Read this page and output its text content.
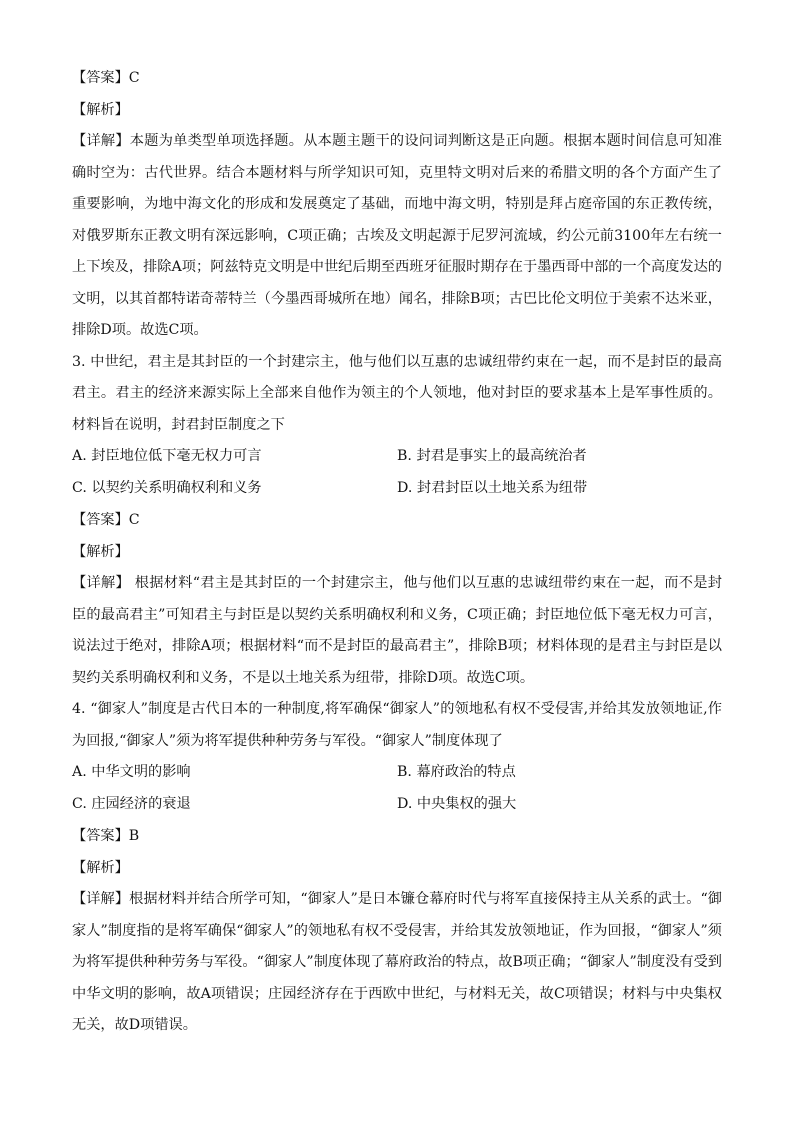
【答案】C
【解析】

【详解】本题为单类型单项选择题。从本题主题干的设问词判断这是正向题。根据本题时间信息可知准确时空为：古代世界。结合本题材料与所学知识可知，克里特文明对后来的希腊文明的各个方面产生了重要影响，为地中海文化的形成和发展奠定了基础，而地中海文明，特别是拜占庭帝国的东正教传统，对俄罗斯东正教文明有深远影响，C项正确；古埃及文明起源于尼罗河流域，约公元前3100年左右统一上下埃及，排除A项；阿兹特克文明是中世纪后期至西班牙征服时期存在于墨西哥中部的一个高度发达的文明，以其首都特诺奇蒂特兰（今墨西哥城所在地）闻名，排除B项；古巴比伦文明位于美索不达米亚，排除D项。故选C项。

3. 中世纪，君主是其封臣的一个封建宗主，他与他们以互惠的忠诚纽带约束在一起，而不是封臣的最高君主。君主的经济来源实际上全部来自他作为领主的个人领地，他对封臣的要求基本上是军事性质的。材料旨在说明，封君封臣制度之下

A. 封臣地位低下毫无权力可言	B. 封君是事实上的最高统治者
C. 以契约关系明确权利和义务	D. 封君封臣以土地关系为纽带
【答案】C
【解析】

【详解】 根据材料“君主是其封臣的一个封建宗主，他与他们以互惠的忠诚纽带约束在一起，而不是封臣的最高君主”可知君主与封臣是以契约关系明确权利和义务，C项正确；封臣地位低下毫无权力可言，说法过于绝对，排除A项；根据材料“而不是封臣的最高君主”，排除B项；材料体现的是君主与封臣是以契约关系明确权利和义务，不是以土地关系为纽带，排除D项。故选C项。

4. “御家人”制度是古代日本的一种制度,将军确保“御家人”的领地私有权不受侵害,并给其发放领地证,作为回报,“御家人”须为将军提供种种劳务与军役。“御家人”制度体现了

A. 中华文明的影响	B. 幕府政治的特点
C. 庄园经济的衰退	D. 中央集权的强大
【答案】B
【解析】

【详解】根据材料并结合所学可知，“御家人”是日本镰仓幕府时代与将军直接保持主从关系的武士。“御家人”制度指的是将军确保“御家人”的领地私有权不受侵害，并给其发放领地证，作为回报，“御家人”须为将军提供种种劳务与军役。“御家人”制度体现了幕府政治的特点，故B项正确；“御家人”制度没有受到中华文明的影响，故A项错误；庄园经济存在于西欧中世纪，与材料无关，故C项错误；材料与中央集权无关，故D项错误。
